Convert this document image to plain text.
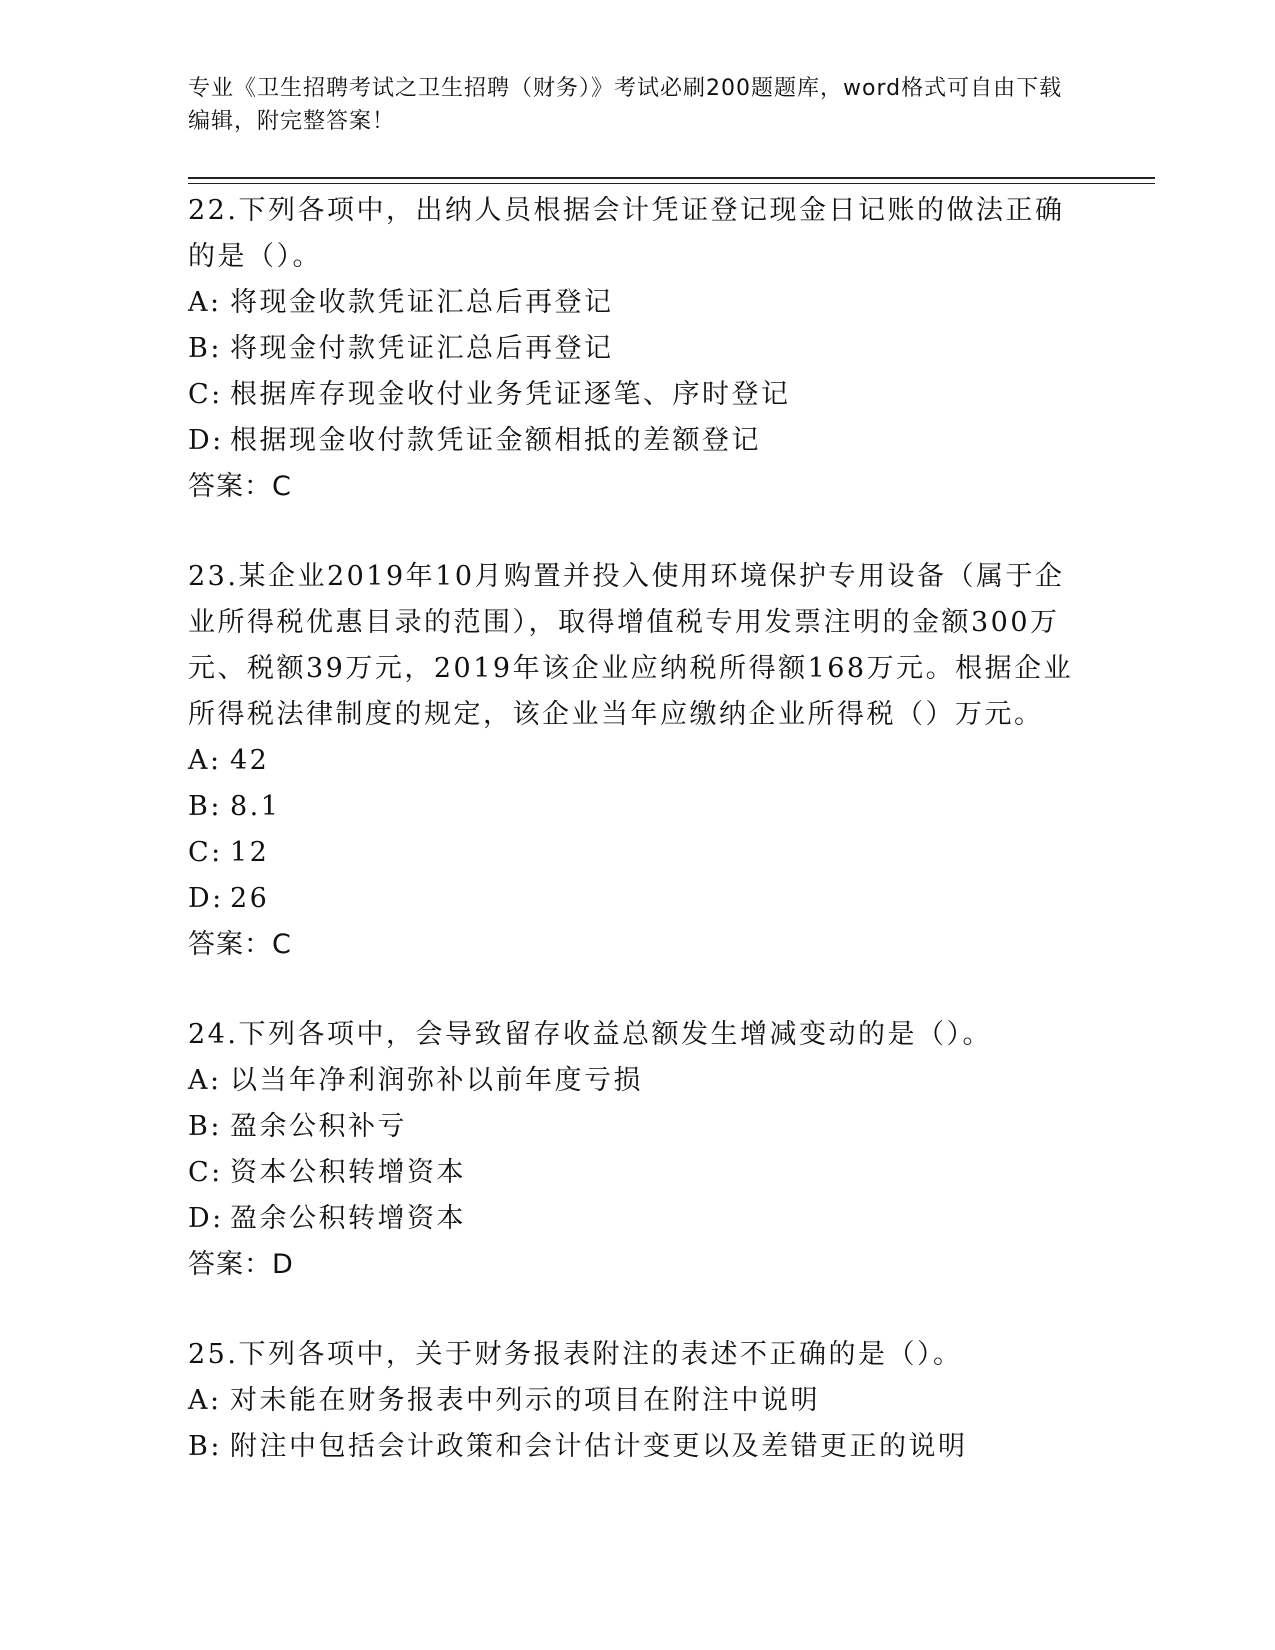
专业《卫生招聘考试之卫生招聘（财务）》考试必刷200题题库，word格式可自由下载编辑，附完整答案！

22.下列各项中，出纳人员根据会计凭证登记现金日记账的做法正确的是（）。

A: 将现金收款凭证汇总后再登记

B: 将现金付款凭证汇总后再登记

C: 根据库存现金收付业务凭证逐笔、序时登记

D: 根据现金收付款凭证金额相抵的差额登记

答案：C

23.某企业2019年10月购置并投入使用环境保护专用设备（属于企业所得税优惠目录的范围），取得增值税专用发票注明的金额300万元、税额39万元，2019年该企业应纳税所得额168万元。根据企业所得税法律制度的规定，该企业当年应缴纳企业所得税（）万元。

A: 42

B: 8.1

C: 12

D: 26

答案：C

24.下列各项中，会导致留存收益总额发生增减变动的是（）。

A: 以当年净利润弥补以前年度亏损

B: 盈余公积补亏

C: 资本公积转增资本

D: 盈余公积转增资本

答案：D

25.下列各项中，关于财务报表附注的表述不正确的是（）。

A: 对未能在财务报表中列示的项目在附注中说明

B: 附注中包括会计政策和会计估计变更以及差错更正的说明
